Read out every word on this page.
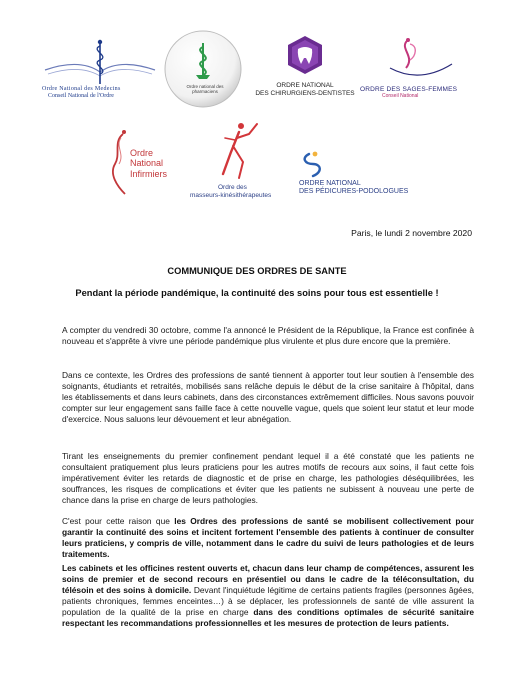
Ordre National des Medecins
Conseil National de l'Ordre
Ordre national des pharmaciens
ORDRE NATIONAL
DES CHIRURGIENS-DENTISTES
ORDRE DES SAGES-FEMMES
Conseil National
Ordre
National
Infirmiers
Ordre des
masseurs-kinésithérapeutes
ORDRE NATIONAL
DES PÉDICURES-PODOLOGUES
Paris, le lundi 2 novembre 2020
COMMUNIQUE DES ORDRES DE SANTE
Pendant la période pandémique, la continuité des soins pour tous est essentielle !
A compter du vendredi 30 octobre, comme l'a annoncé le Président de la République, la France est confinée à nouveau et s'apprête à vivre une période pandémique plus virulente et plus dure encore que la première.
Dans ce contexte, les Ordres des professions de santé tiennent à apporter tout leur soutien à l'ensemble des soignants, étudiants et retraités, mobilisés sans relâche depuis le début de la crise sanitaire à l'hôpital, dans les établissements et dans leurs cabinets, dans des circonstances extrêmement difficiles. Nous savons pouvoir compter sur leur engagement sans faille face à cette nouvelle vague, quels que soient leur statut et leur mode d'exercice. Nous saluons leur dévouement et leur abnégation.
Tirant les enseignements du premier confinement pendant lequel il a été constaté que les patients ne consultaient pratiquement plus leurs praticiens pour les autres motifs de recours aux soins, il faut cette fois impérativement éviter les retards de diagnostic et de prise en charge, les pathologies déséquilibrées, les souffrances, les risques de complications et éviter que les patients ne subissent à nouveau une perte de chance dans la prise en charge de leurs pathologies.
C'est pour cette raison que les Ordres des professions de santé se mobilisent collectivement pour garantir la continuité des soins et incitent fortement l'ensemble des patients à continuer de consulter leurs praticiens, y compris de ville, notamment dans le cadre du suivi de leurs pathologies et de leurs traitements.
Les cabinets et les officines restent ouverts et, chacun dans leur champ de compétences, assurent les soins de premier et de second recours en présentiel ou dans le cadre de la téléconsultation, du télésoin et des soins à domicile. Devant l'inquiétude légitime de certains patients fragiles (personnes âgées, patients chroniques, femmes enceintes…) à se déplacer, les professionnels de santé de ville assurent la population de la qualité de la prise en charge dans des conditions optimales de sécurité sanitaire respectant les recommandations professionnelles et les mesures de protection de leurs patients.
